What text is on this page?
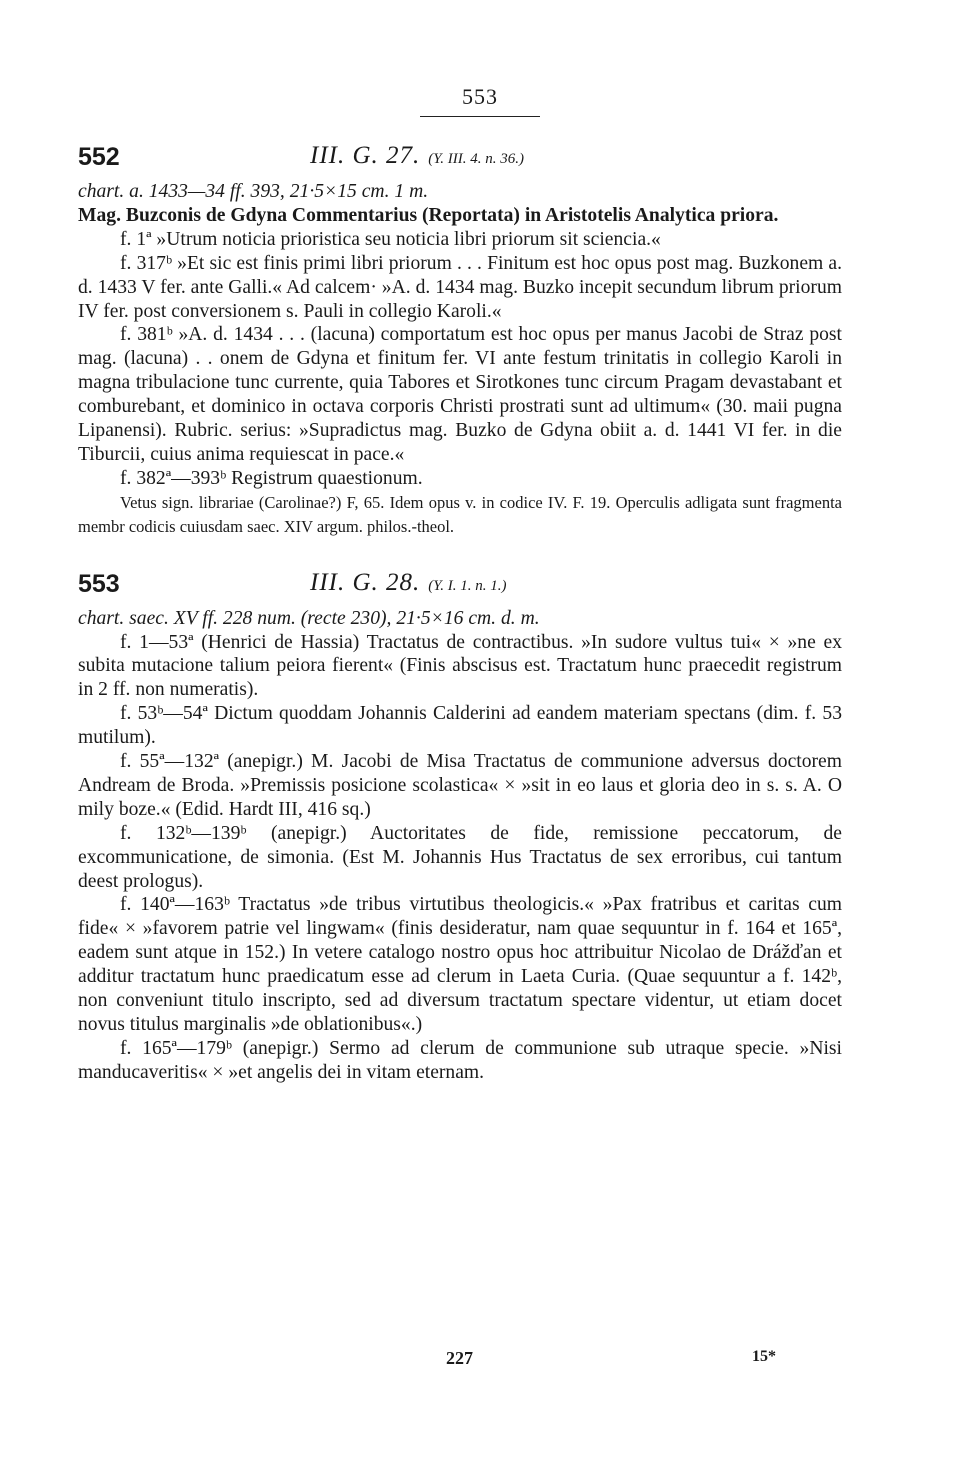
553
552	III. G. 27. (Y. III. 4. n. 36.)

chart. a. 1433—34 ff. 393, 21·5×15 cm. 1 m.

Mag. Buzconis de Gdyna Commentarius (Reportata) in Aristotelis Analytica priora.

f. 1ª »Utrum noticia prioristica seu noticia libri priorum sit sciencia.«

f. 317ᵇ »Et sic est finis primi libri priorum . . . Finitum est hoc opus post mag. Buzkonem a. d. 1433 V fer. ante Galli.« Ad calcem· »A. d. 1434 mag. Buzko incepit secundum librum priorum IV fer. post conversionem s. Pauli in collegio Karoli.«

f. 381ᵇ »A. d. 1434 . . . (lacuna) comportatum est hoc opus per manus Jacobi de Straz post mag. (lacuna) . . onem de Gdyna et finitum fer. VI ante festum trinitatis in collegio Karoli in magna tribulacione tunc currente, quia Tabores et Sirotkones tunc circum Pragam devastabant et comburebant, et dominico in octava corporis Christi prostrati sunt ad ultimum« (30. maii pugna Lipanensi). Rubric. serius: »Supradictus mag. Buzko de Gdyna obiit a. d. 1441 VI fer. in die Tiburcii, cuius anima requiescat in pace.«

f. 382ª—393ᵇ Registrum quaestionum.

Vetus sign. librariae (Carolinae?) F, 65. Idem opus v. in codice IV. F. 19. Operculis adligata sunt fragmenta membr codicis cuiusdam saec. XIV argum. philos.-theol.

553	III. G. 28. (Y. I. 1. n. 1.)

chart. saec. XV ff. 228 num. (recte 230), 21·5×16 cm. d. m.

f. 1—53ª (Henrici de Hassia) Tractatus de contractibus. »In sudore vultus tui« × »ne ex subita mutacione talium peiora fierent« (Finis abscisus est. Tractatum hunc praecedit registrum in 2 ff. non numeratis).

f. 53ᵇ—54ª Dictum quoddam Johannis Calderini ad eandem materiam spectans (dim. f. 53 mutilum).

f. 55ª—132ª (anepigr.) M. Jacobi de Misa Tractatus de communione adversus doctorem Andream de Broda. »Premissis posicione scolastica« × »sit in eo laus et gloria deo in s. s. A. O mily boze.« (Edid. Hardt III, 416 sq.)

f. 132ᵇ—139ᵇ (anepigr.) Auctoritates de fide, remissione peccatorum, de excommunicatione, de simonia. (Est M. Johannis Hus Tractatus de sex erroribus, cui tantum deest prologus).

f. 140ª—163ᵇ Tractatus »de tribus virtutibus theologicis.« »Pax fratribus et caritas cum fide« × »favorem patrie vel lingwam« (finis desideratur, nam quae sequuntur in f. 164 et 165ª, eadem sunt atque in 152.) In vetere catalogo nostro opus hoc attribuitur Nicolao de Drážďan et additur tractatum hunc praedicatum esse ad clerum in Laeta Curia. (Quae sequuntur a f. 142ᵇ, non conveniunt titulo inscripto, sed ad diversum tractatum spectare videntur, ut etiam docet novus titulus marginalis »de oblationibus«.)

f. 165ª—179ᵇ (anepigr.) Sermo ad clerum de communione sub utraque specie. »Nisi manducaveritis« × »et angelis dei in vitam eternam.

227	15*
